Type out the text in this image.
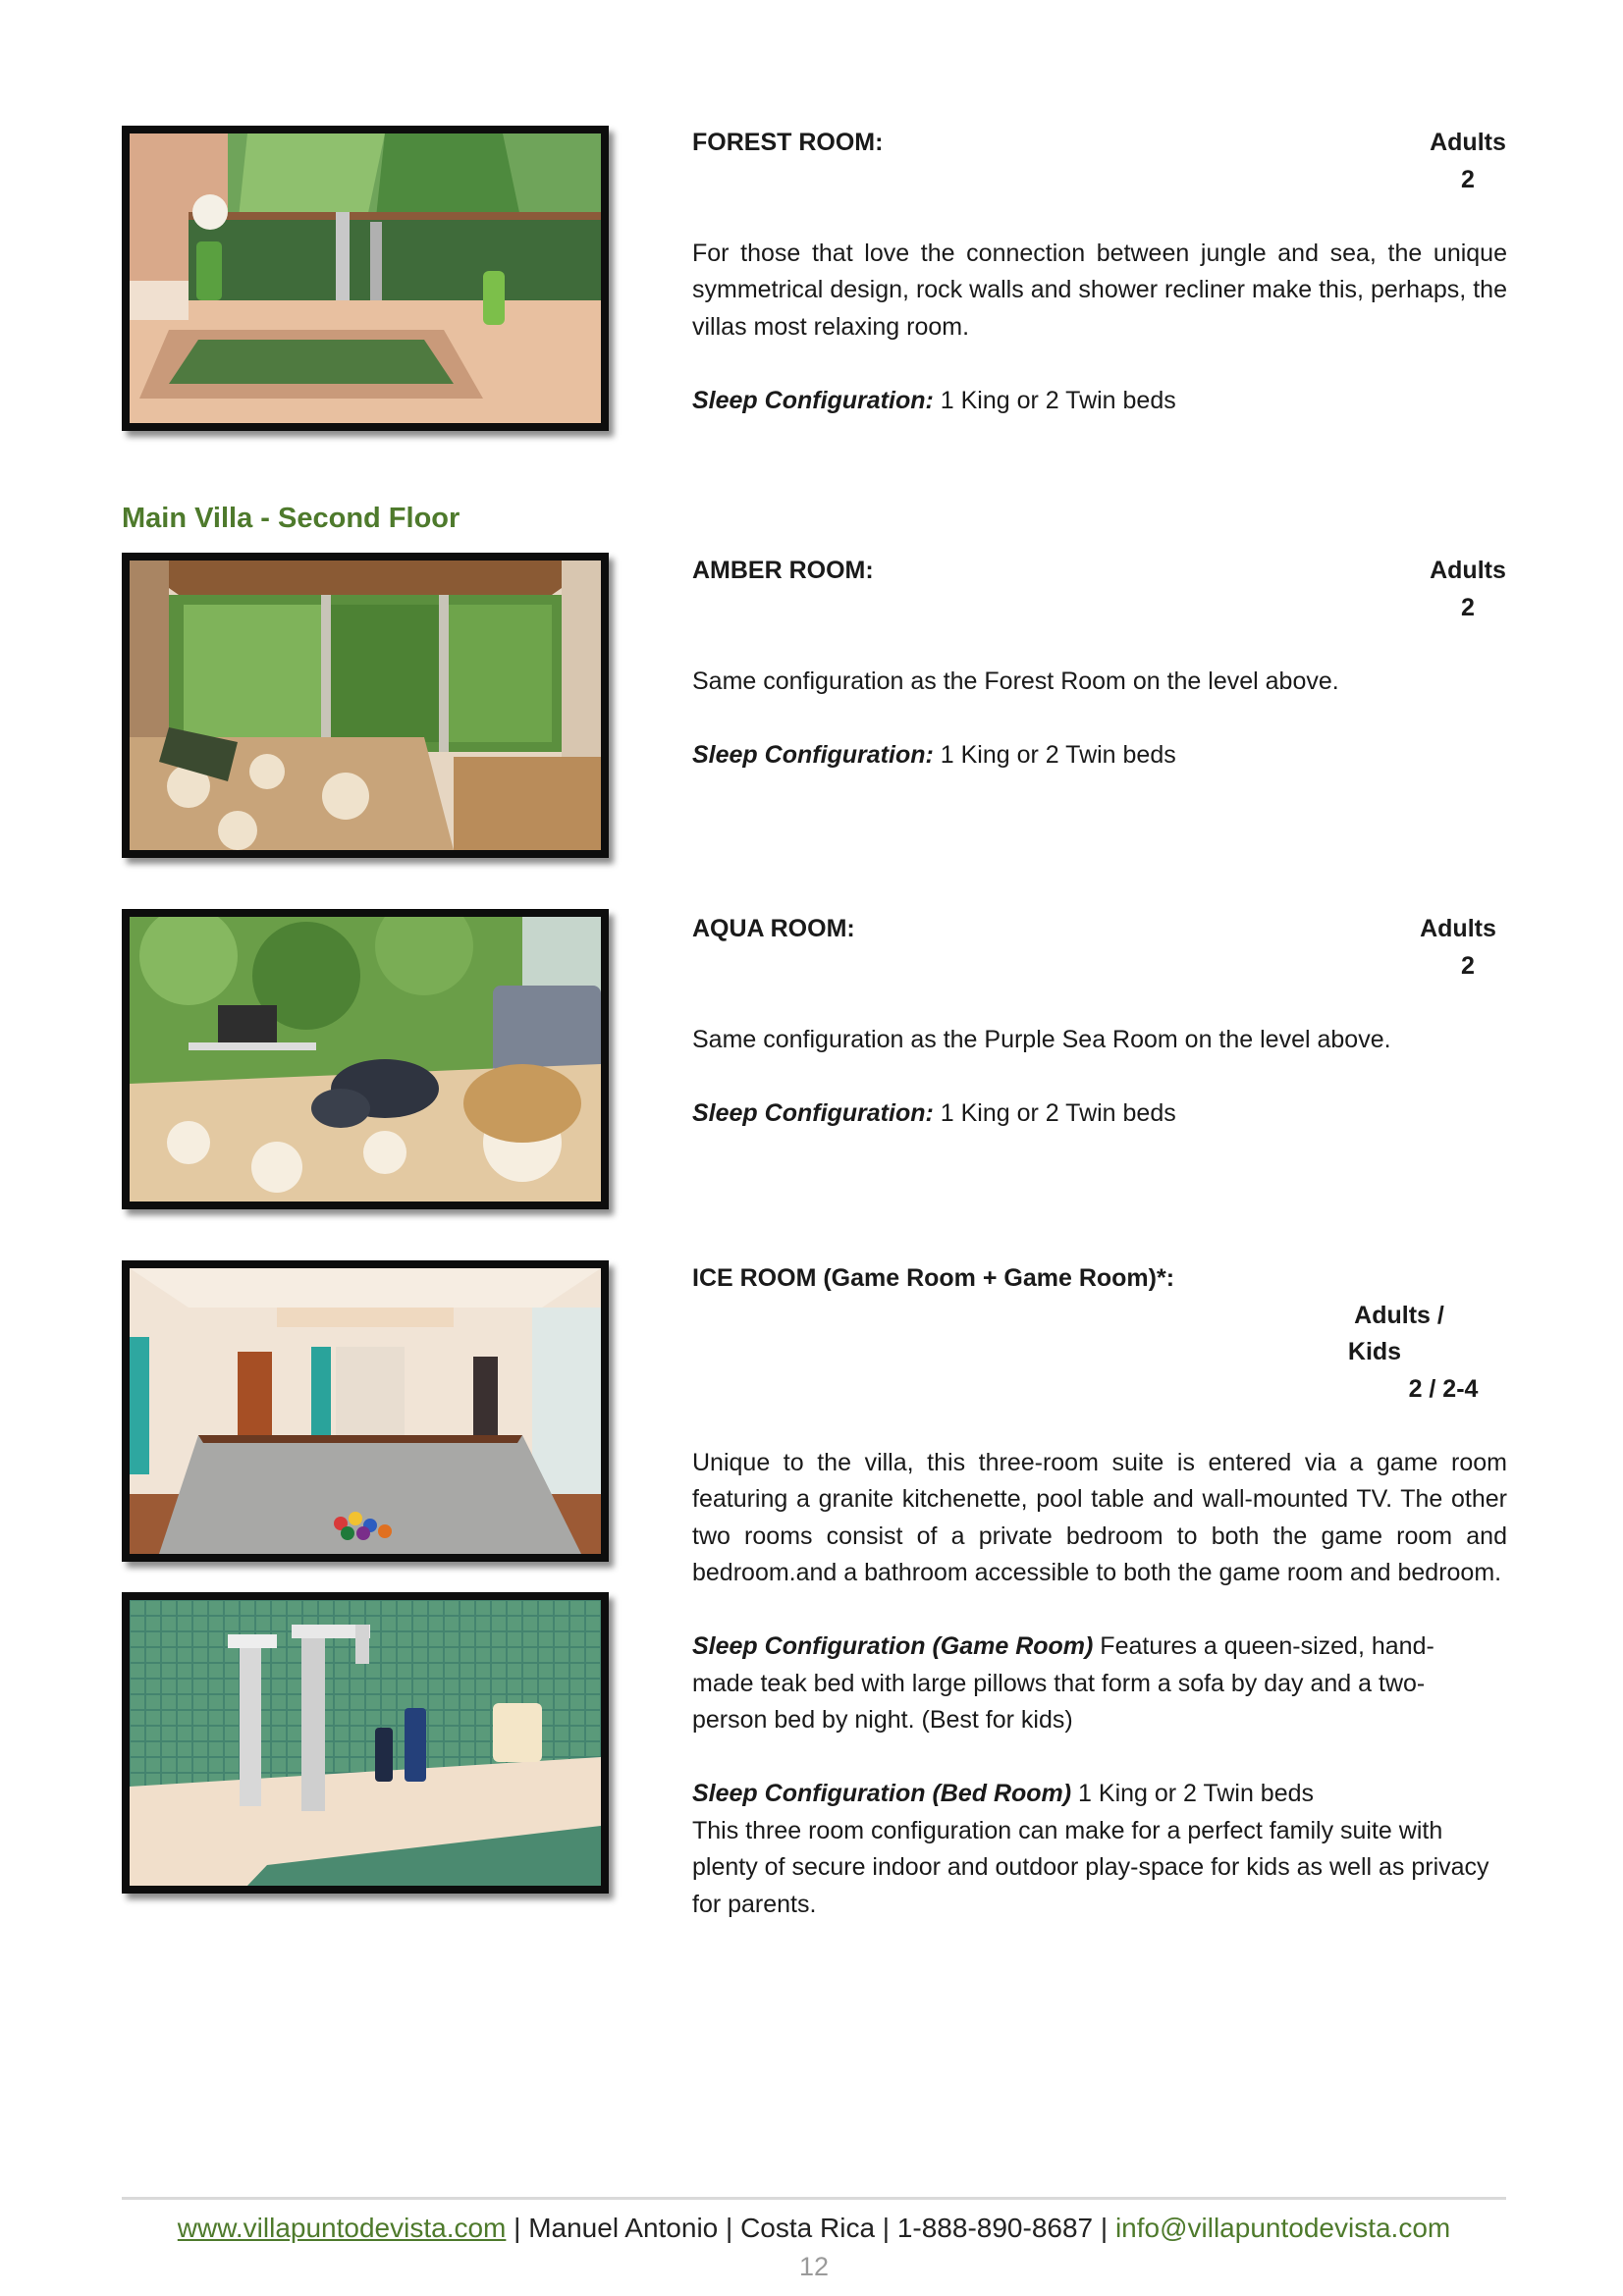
FOREST ROOM:	Adults
2

For those that love the connection between jungle and sea, the unique symmetrical design, rock walls and shower recliner make this, perhaps, the villas most relaxing room.

Sleep Configuration: 1 King or 2 Twin beds

Main Villa - Second Floor
AMBER ROOM:	Adults
2

Same configuration as the Forest Room on the level above.

Sleep Configuration: 1 King or 2 Twin beds

AQUA ROOM:	Adults
2

Same configuration as the Purple Sea Room on the level above.

Sleep Configuration: 1 King or 2 Twin beds

ICE ROOM (Game Room + Game Room)*:
Adults /
Kids
2 / 2-4

Unique to the villa, this three-room suite is entered via a game room featuring a granite kitchenette, pool table and wall-mounted TV. The other two rooms consist of a private bedroom to both the game room and bedroom.and a bathroom accessible to both the game room and bedroom.

Sleep Configuration (Game Room) Features a queen-sized, hand-made teak bed with large pillows that form a sofa by day and a two-person bed by night. (Best for kids)

Sleep Configuration (Bed Room) 1 King or 2 Twin beds

This three room configuration can make for a perfect family suite with plenty of secure indoor and outdoor play-space for kids as well as privacy for parents.

www.villapuntodevista.com | Manuel Antonio | Costa Rica | 1-888-890-8687 | info@villapuntodevista.com
12
